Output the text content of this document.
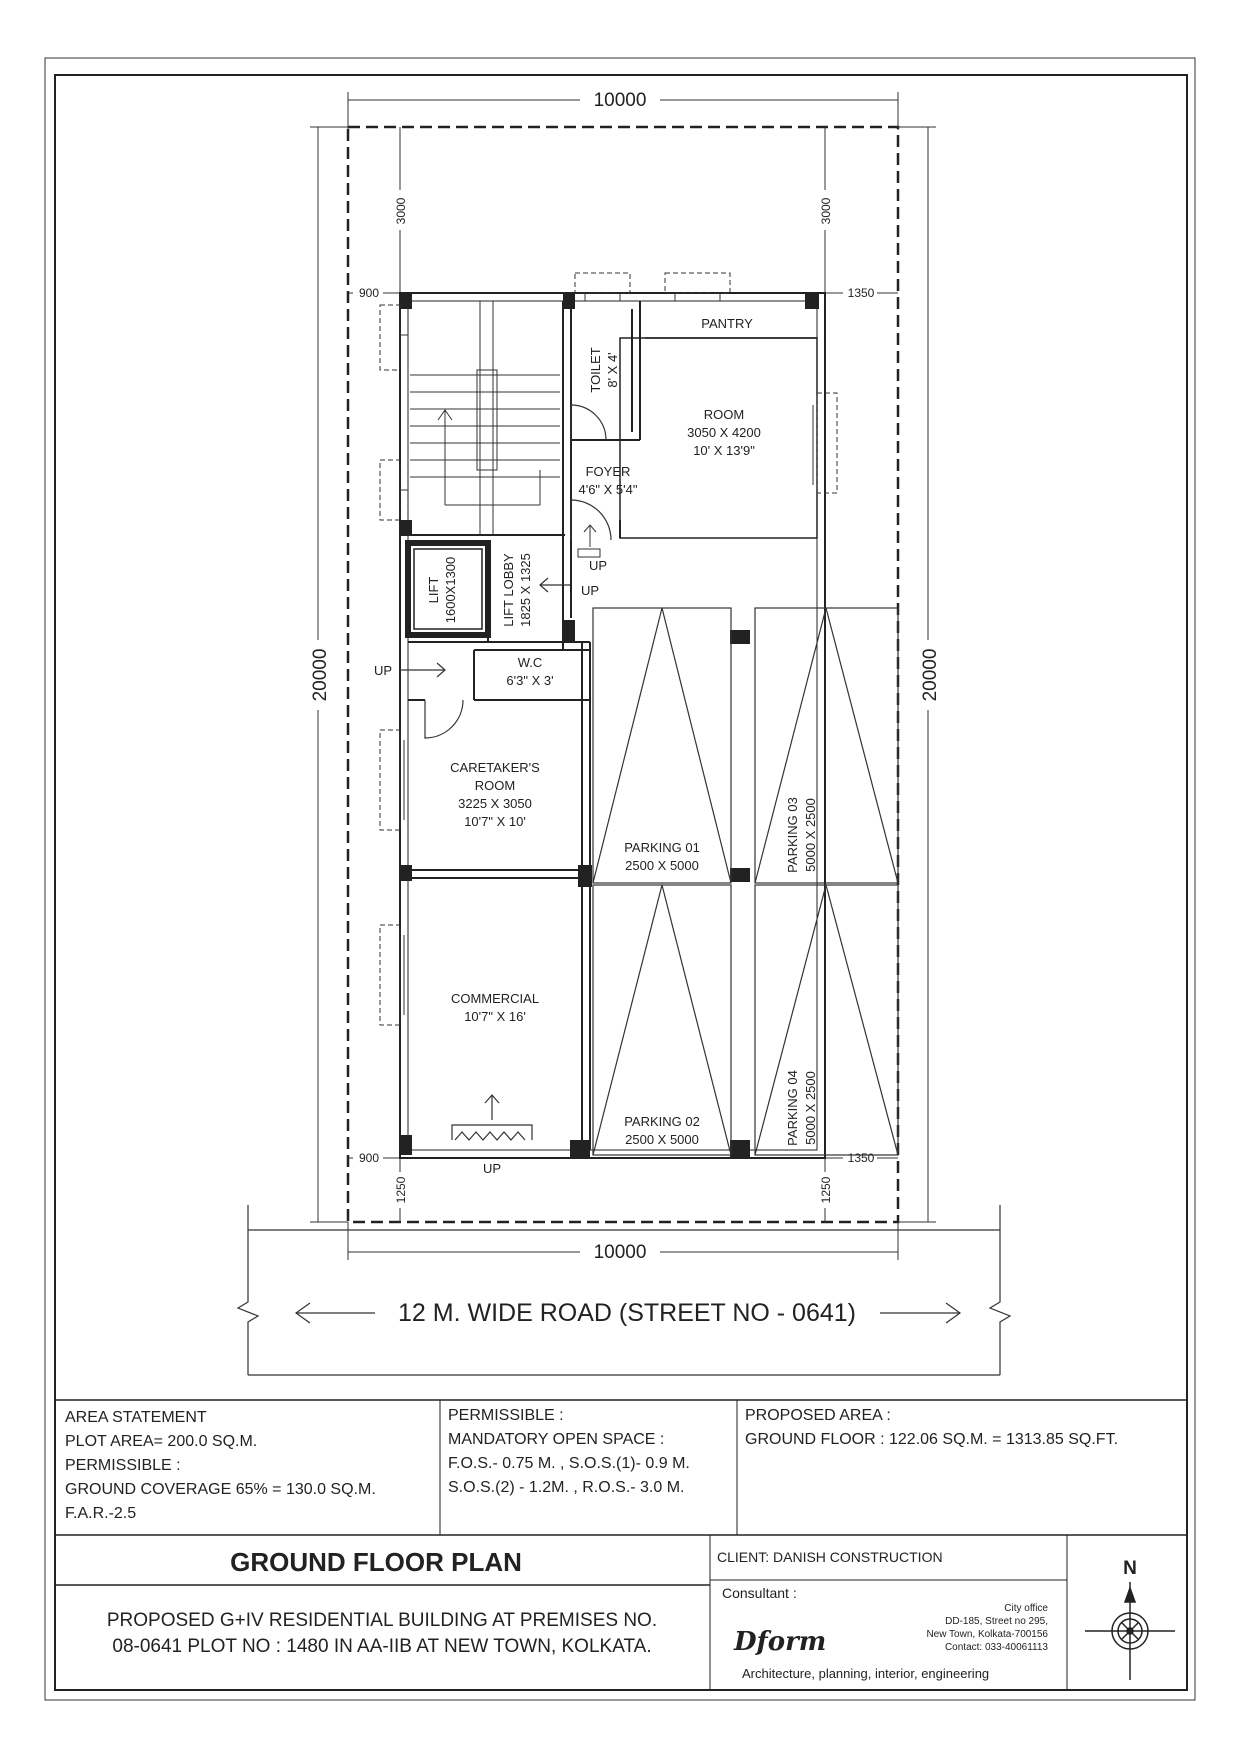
10000
20000	20000
3000	3000
900	1350
900	1350
1250	1250
10000
PANTRY
TOILET 8' X 4'
ROOM
3050 X 4200
10' X 13'9"
FOYER
4'6" X 5'4"
UP
UP
LIFT 1600X1300	LIFT LOBBY 1825 X 1325
UP
W.C
6'3" X 3'
CARETAKER'S
ROOM
3225 X 3050
10'7" X 10'
COMMERCIAL
10'7" X 16'
UP
PARKING 01
2500 X 5000
PARKING 02
2500 X 5000
PARKING 03 5000 X 2500
PARKING 04 5000 X 2500
12 M. WIDE ROAD (STREET NO - 0641)
AREA STATEMENT
PLOT AREA= 200.0 SQ.M.
PERMISSIBLE :
GROUND COVERAGE 65% = 130.0 SQ.M.
F.A.R.-2.5
PERMISSIBLE :
MANDATORY OPEN SPACE :
F.O.S.- 0.75 M. , S.O.S.(1)- 0.9 M.
S.O.S.(2) - 1.2M. , R.O.S.- 3.0 M.
PROPOSED AREA :
GROUND FLOOR : 122.06 SQ.M. = 1313.85 SQ.FT.
GROUND FLOOR PLAN
PROPOSED G+IV RESIDENTIAL BUILDING AT PREMISES NO.
08-0641 PLOT NO : 1480 IN AA-IIB AT NEW TOWN, KOLKATA.
CLIENT: DANISH CONSTRUCTION
Consultant :
Dform
City office
DD-185, Street no 295,
New Town, Kolkata-700156
Contact: 033-40061113
Architecture, planning, interior, engineering
N
